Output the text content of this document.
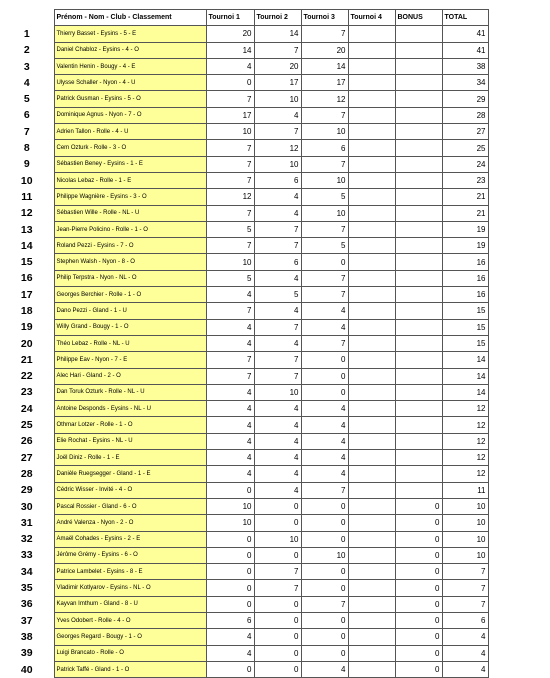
	Prénom - Nom - Club - Classement	Tournoi 1	Tournoi 2	Tournoi 3	Tournoi 4	BONUS	TOTAL
1	Thierry Basset - Eysins - 5 - E	20	14	7			41
2	Daniel Chabloz - Eysins - 4 - O	14	7	20			41
3	Valentin Henin - Bougy - 4 - E	4	20	14			38
4	Ulysse Schaller - Nyon - 4 - U	0	17	17			34
5	Patrick Gusman - Eysins - 5 - O	7	10	12			29
6	Dominique Agnus - Nyon - 7 - O	17	4	7			28
7	Adrien Tallon - Rolle - 4 - U	10	7	10			27
8	Cem Ozturk - Rolle - 3 - O	7	12	6			25
9	Sébastien Beney - Eysins - 1 - E	7	10	7			24
10	Nicolas Lebaz - Rolle - 1 - E	7	6	10			23
11	Philippe Wagnière - Eysins - 3 - O	12	4	5			21
12	Sébastien Wille - Rolle - NL - U	7	4	10			21
13	Jean-Pierre Policino - Rolle - 1 - O	5	7	7			19
14	Roland Pezzi - Eysins - 7 - O	7	7	5			19
15	Stephen Walsh - Nyon - 8 - O	10	6	0			16
16	Philip Terpstra - Nyon - NL - O	5	4	7			16
17	Georges Berchier - Rolle - 1 - O	4	5	7			16
18	Dano Pezzi - Gland - 1 - U	7	4	4			15
19	Willy Grand - Bougy - 1 - O	4	7	4			15
20	Théo Lebaz - Rolle - NL - U	4	4	7			15
21	Philippe Eav - Nyon - 7 - E	7	7	0			14
22	Alec Hari - Gland - 2 - O	7	7	0			14
23	Dan Toruk Ozturk - Rolle - NL - U	4	10	0			14
24	Antoine Desponds - Eysins - NL - U	4	4	4			12
25	Othmar Lotzer - Rolle - 1 - O	4	4	4			12
26	Elie Rochat - Eysins - NL - U	4	4	4			12
27	Joël Diniz - Rolle - 1 - E	4	4	4			12
28	Danièle Ruegsegger - Gland - 1 - E	4	4	4			12
29	Cédric Wisser - Invité - 4 - O	0	4	7			11
30	Pascal Rossier - Gland - 6 - O	10	0	0		0	10
31	André Valenza - Nyon - 2 - O	10	0	0		0	10
32	Amaël Cohades - Eysins - 2 - E	0	10	0		0	10
33	Jérôme Grémy - Eysins - 6 - O	0	0	10		0	10
34	Patrice Lambelet - Eysins - 8 - E	0	7	0		0	7
35	Vladimir Kotlyarov - Eysins - NL - O	0	7	0		0	7
36	Kayvan Imthum - Gland - 8 - U	0	0	7		0	7
37	Yves Odobert - Rolle - 4 - O	6	0	0		0	6
38	Georges Regard - Bougy - 1 - O	4	0	0		0	4
39	Luigi Brancato - Rolle - O	4	0	0		0	4
40	Patrick Taffé - Gland - 1 - O	0	0	4		0	4
